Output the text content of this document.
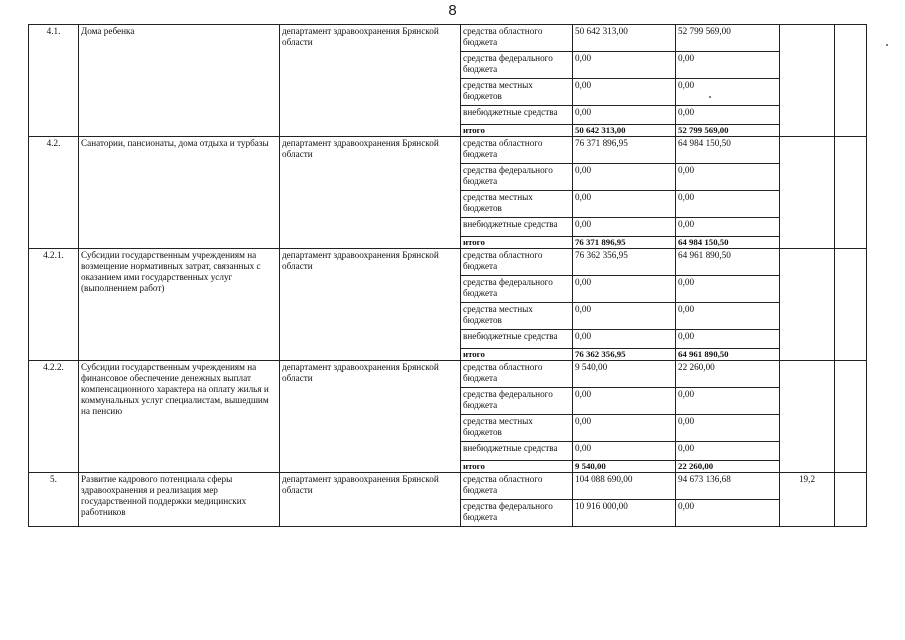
8
4.1.	Дома ребенка	департамент здравоохранения Брянской области	средства областного бюджета	50 642 313,00	52 799 569,00		
			средства федерального бюджета	0,00	0,00		
			средства местных бюджетов	0,00	0,00		
			внебюджетные средства	0,00	0,00		
			итого	50 642 313,00	52 799 569,00		
4.2.	Санатории, пансионаты, дома отдыха и турбазы	департамент здравоохранения Брянской области	средства областного бюджета	76 371 896,95	64 984 150,50		
			средства федерального бюджета	0,00	0,00		
			средства местных бюджетов	0,00	0,00		
			внебюджетные средства	0,00	0,00		
			итого	76 371 896,95	64 984 150,50		
4.2.1.	Субсидии государственным учреждениям на возмещение нормативных затрат, связанных с оказанием ими государственных услуг (выполнением работ)	департамент здравоохранения Брянской области	средства областного бюджета	76 362 356,95	64 961 890,50		
			средства федерального бюджета	0,00	0,00		
			средства местных бюджетов	0,00	0,00		
			внебюджетные средства	0,00	0,00		
			итого	76 362 356,95	64 961 890,50		
4.2.2.	Субсидии государственным учреждениям на финансовое обеспечение денежных выплат компенсационного характера на оплату жилья и коммунальных услуг специалистам, вышедшим на пенсию	департамент здравоохранения Брянской области	средства областного бюджета	9 540,00	22 260,00		
			средства федерального бюджета	0,00	0,00		
			средства местных бюджетов	0,00	0,00		
			внебюджетные средства	0,00	0,00		
			итого	9 540,00	22 260,00		
5.	Развитие кадрового потенциала сферы здравоохранения и реализация мер государственной поддержки медицинских работников	департамент здравоохранения Брянской области	средства областного бюджета	104 088 690,00	94 673 136,68	19,2	
			средства федерального бюджета	10 916 000,00	0,00		
